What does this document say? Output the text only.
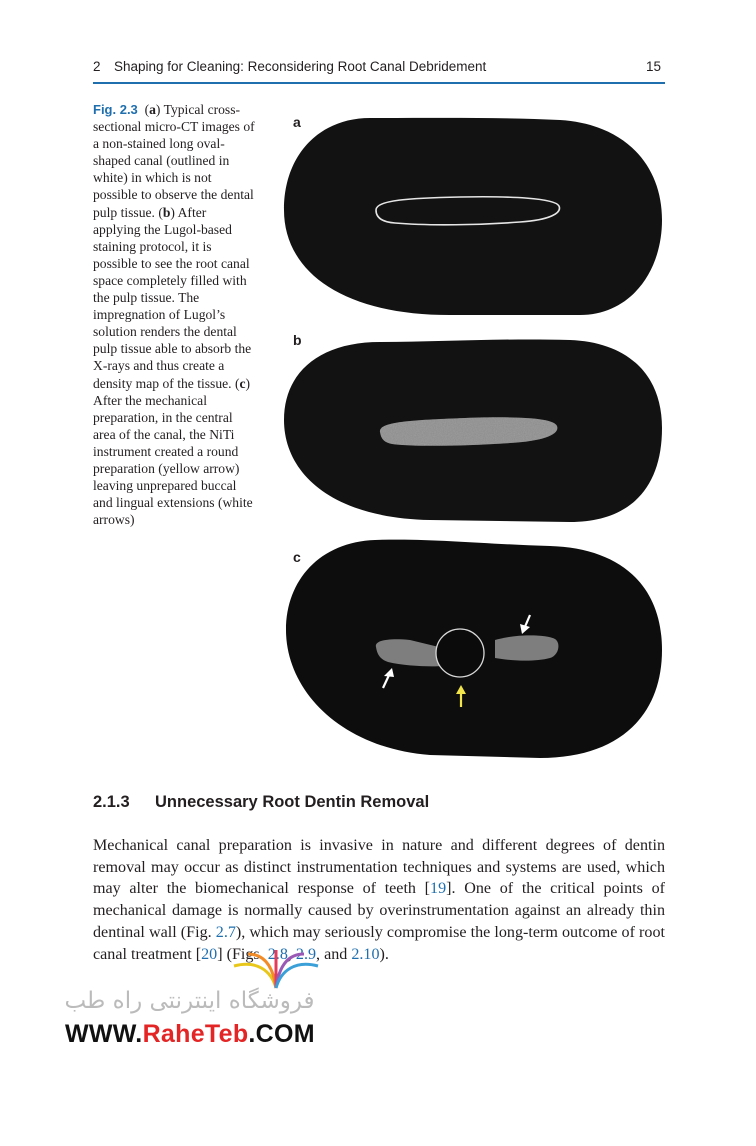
2 Shaping for Cleaning: Reconsidering Root Canal Debridement	15
Fig. 2.3 (a) Typical cross-sectional micro-CT images of a non-stained long oval-shaped canal (outlined in white) in which is not possible to observe the dental pulp tissue. (b) After applying the Lugol-based staining protocol, it is possible to see the root canal space completely filled with the pulp tissue. The impregnation of Lugol’s solution renders the dental pulp tissue able to absorb the X-rays and thus create a density map of the tissue. (c) After the mechanical preparation, in the central area of the canal, the NiTi instrument created a round preparation (yellow arrow) leaving unprepared buccal and lingual extensions (white arrows)
a
b
c
2.1.3 Unnecessary Root Dentin Removal
Mechanical canal preparation is invasive in nature and different degrees of dentin removal may occur as distinct instrumentation techniques and systems are used, which may alter the biomechanical response of teeth [19]. One of the critical points of mechanical damage is normally caused by overinstrumentation against an already thin dentinal wall (Fig. 2.7), which may seriously compromise the long-term outcome of root canal treatment [20] (Figs. 2.8, 2.9, and 2.10).
فروشگاه اینترنتی راه طب
WWW.RaheTeb.COM
